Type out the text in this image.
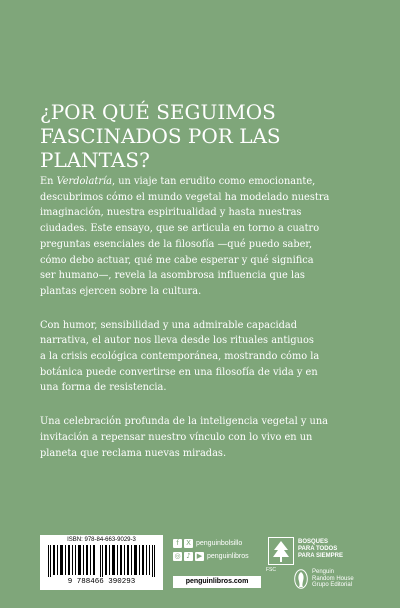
¿POR QUÉ SEGUIMOS
FASCINADOS POR LAS
PLANTAS?

En Verdolatría, un viaje tan erudito como emocionante,
descubrimos cómo el mundo vegetal ha modelado nuestra
imaginación, nuestra espiritualidad y hasta nuestras
ciudades. Este ensayo, que se articula en torno a cuatro
preguntas esenciales de la filosofía —qué puedo saber,
cómo debo actuar, qué me cabe esperar y qué significa
ser humano—, revela la asombrosa influencia que las
plantas ejercen sobre la cultura.

Con humor, sensibilidad y una admirable capacidad
narrativa, el autor nos lleva desde los rituales antiguos
a la crisis ecológica contemporánea, mostrando cómo la
botánica puede convertirse en una filosofía de vida y en
una forma de resistencia.

Una celebración profunda de la inteligencia vegetal y una
invitación a repensar nuestro vínculo con lo vivo en un
planeta que reclama nuevas miradas.

ISBN: 978-84-663-9029-3
9 788466 390293
f	X penguinbolsillo
◎ ♪ ▶ penguinlibros
penguinlibros.com
FSC
BOSQUES
PARA TODOS
PARA SIEMPRE
Penguin
Random House
Grupo Editorial
